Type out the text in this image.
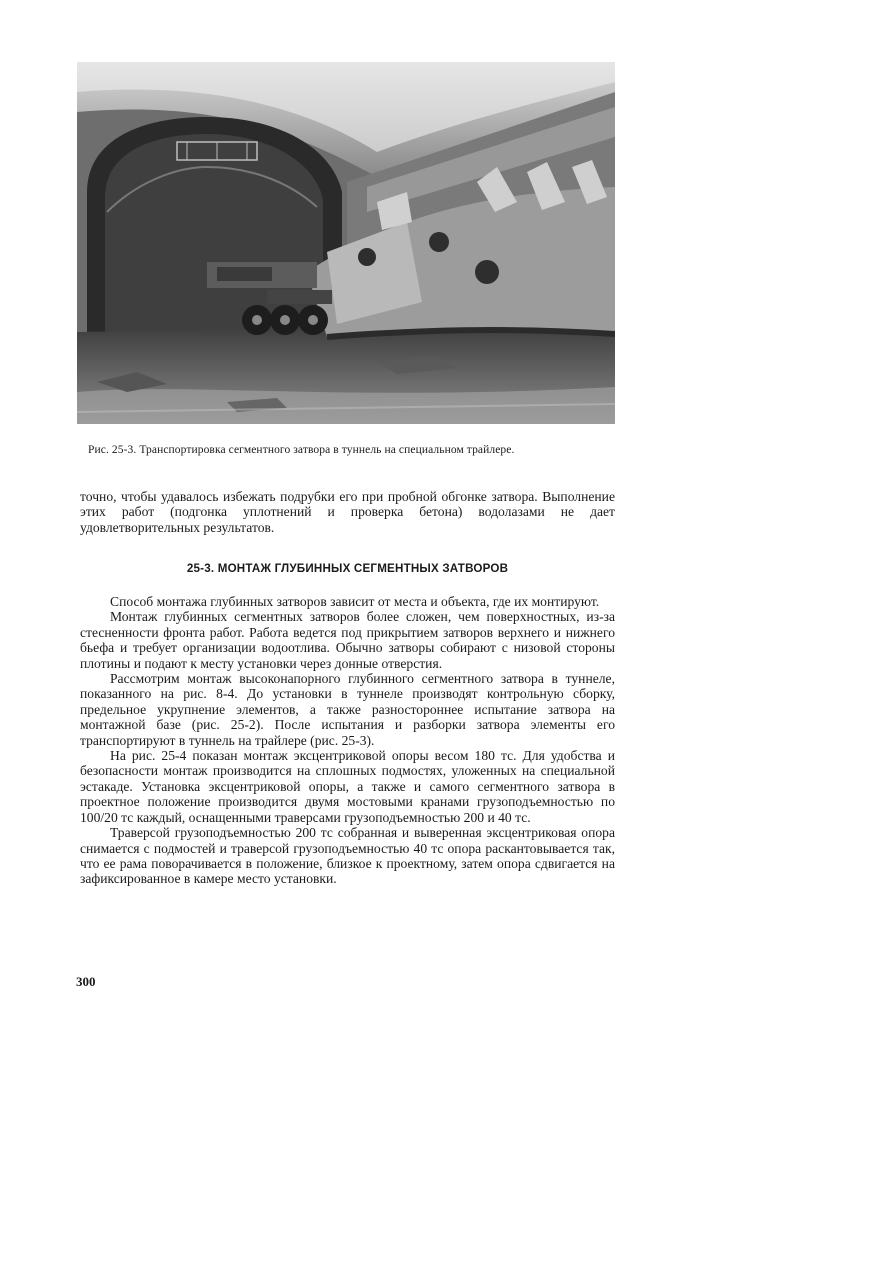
Рис. 25-3. Транспортировка сегментного затвора в туннель на специальном трайлере.

точно, чтобы удавалось избежать подрубки его при пробной обгонке затвора. Выполнение этих работ (подгонка уплотнений и проверка бетона) водолазами не дает удовлетворительных результатов.

25-3. МОНТАЖ ГЛУБИННЫХ СЕГМЕНТНЫХ ЗАТВОРОВ

Способ монтажа глубинных затворов зависит от места и объекта, где их монтируют.

Монтаж глубинных сегментных затворов более сложен, чем поверхностных, из-за стесненности фронта работ. Работа ведется под прикрытием затворов верхнего и нижнего бьефа и требует организации водоотлива. Обычно затворы собирают с низовой стороны плотины и подают к месту установки через донные отверстия.

Рассмотрим монтаж высоконапорного глубинного сегментного затвора в туннеле, показанного на рис. 8-4. До установки в туннеле производят контрольную сборку, предельное укрупнение элементов, а также разностороннее испытание затвора на монтажной базе (рис. 25-2). После испытания и разборки затвора элементы его транспортируют в туннель на трайлере (рис. 25-3).

На рис. 25-4 показан монтаж эксцентриковой опоры весом 180 тс. Для удобства и безопасности монтаж производится на сплошных подмостях, уложенных на специальной эстакаде. Установка эксцентриковой опоры, а также и самого сегментного затвора в проектное положение производится двумя мостовыми кранами грузоподъемностью по 100/20 тс каждый, оснащенными траверсами грузоподъемностью 200 и 40 тс.

Траверсой грузоподъемностью 200 тс собранная и выверенная эксцентриковая опора снимается с подмостей и траверсой грузоподъемностью 40 тс опора раскантовывается так, что ее рама поворачивается в положение, близкое к проектному, затем опора сдвигается на зафиксированное в камере место установки.

300
